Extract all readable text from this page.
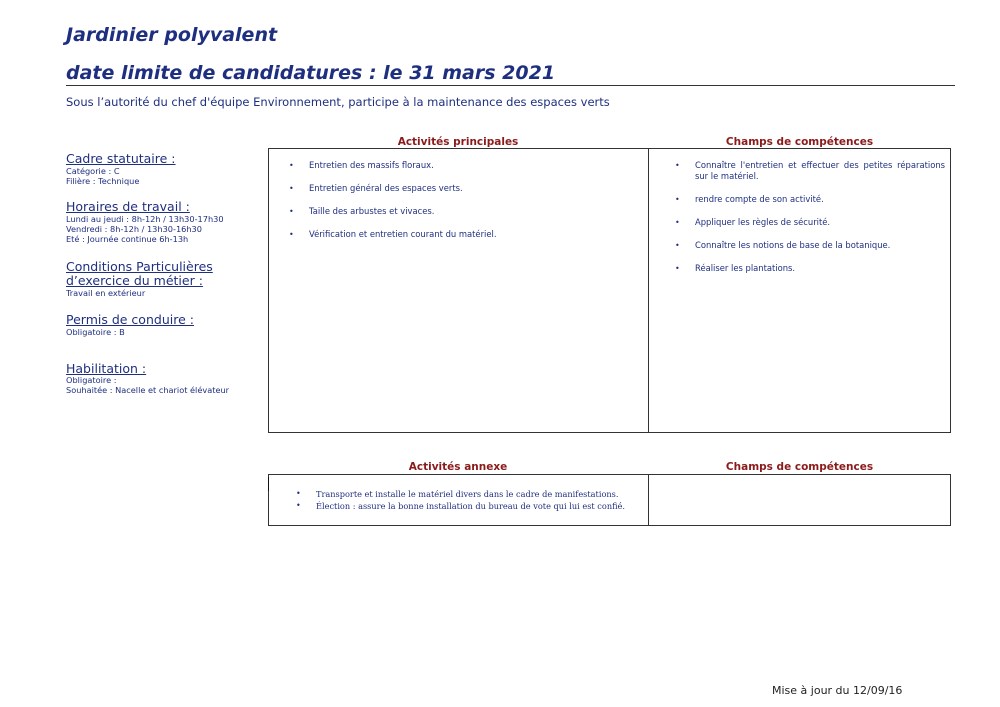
Jardinier polyvalent
date limite de candidatures : le 31 mars 2021
Sous l’autorité du chef d'équipe Environnement, participe à la maintenance des espaces verts
Cadre statutaire :
Catégorie : C
Filière : Technique
Horaires de travail :
Lundi au jeudi : 8h-12h / 13h30-17h30
Vendredi : 8h-12h / 13h30-16h30
Eté : Journée continue 6h-13h
Conditions Particulières
d’exercice du métier :
Travail en extérieur
Permis de conduire :
Obligatoire : B
Habilitation :
Obligatoire :
Souhaitée : Nacelle et chariot élévateur
Activités principales	Champs de compétences
• Entretien des massifs floraux.
• Entretien général des espaces verts.
• Taille des arbustes et vivaces.
• Vérification et entretien courant du matériel.
• Connaître l'entretien et effectuer des petites réparations sur le matériel.
• rendre compte de son activité.
• Appliquer les règles de sécurité.
• Connaître les notions de base de la botanique.
• Réaliser les plantations.
Activités annexe	Champs de compétences
• Transporte et installe le matériel divers dans le cadre de manifestations.
• Élection : assure la bonne installation du bureau de vote qui lui est confié.
Mise à jour du 12/09/16
